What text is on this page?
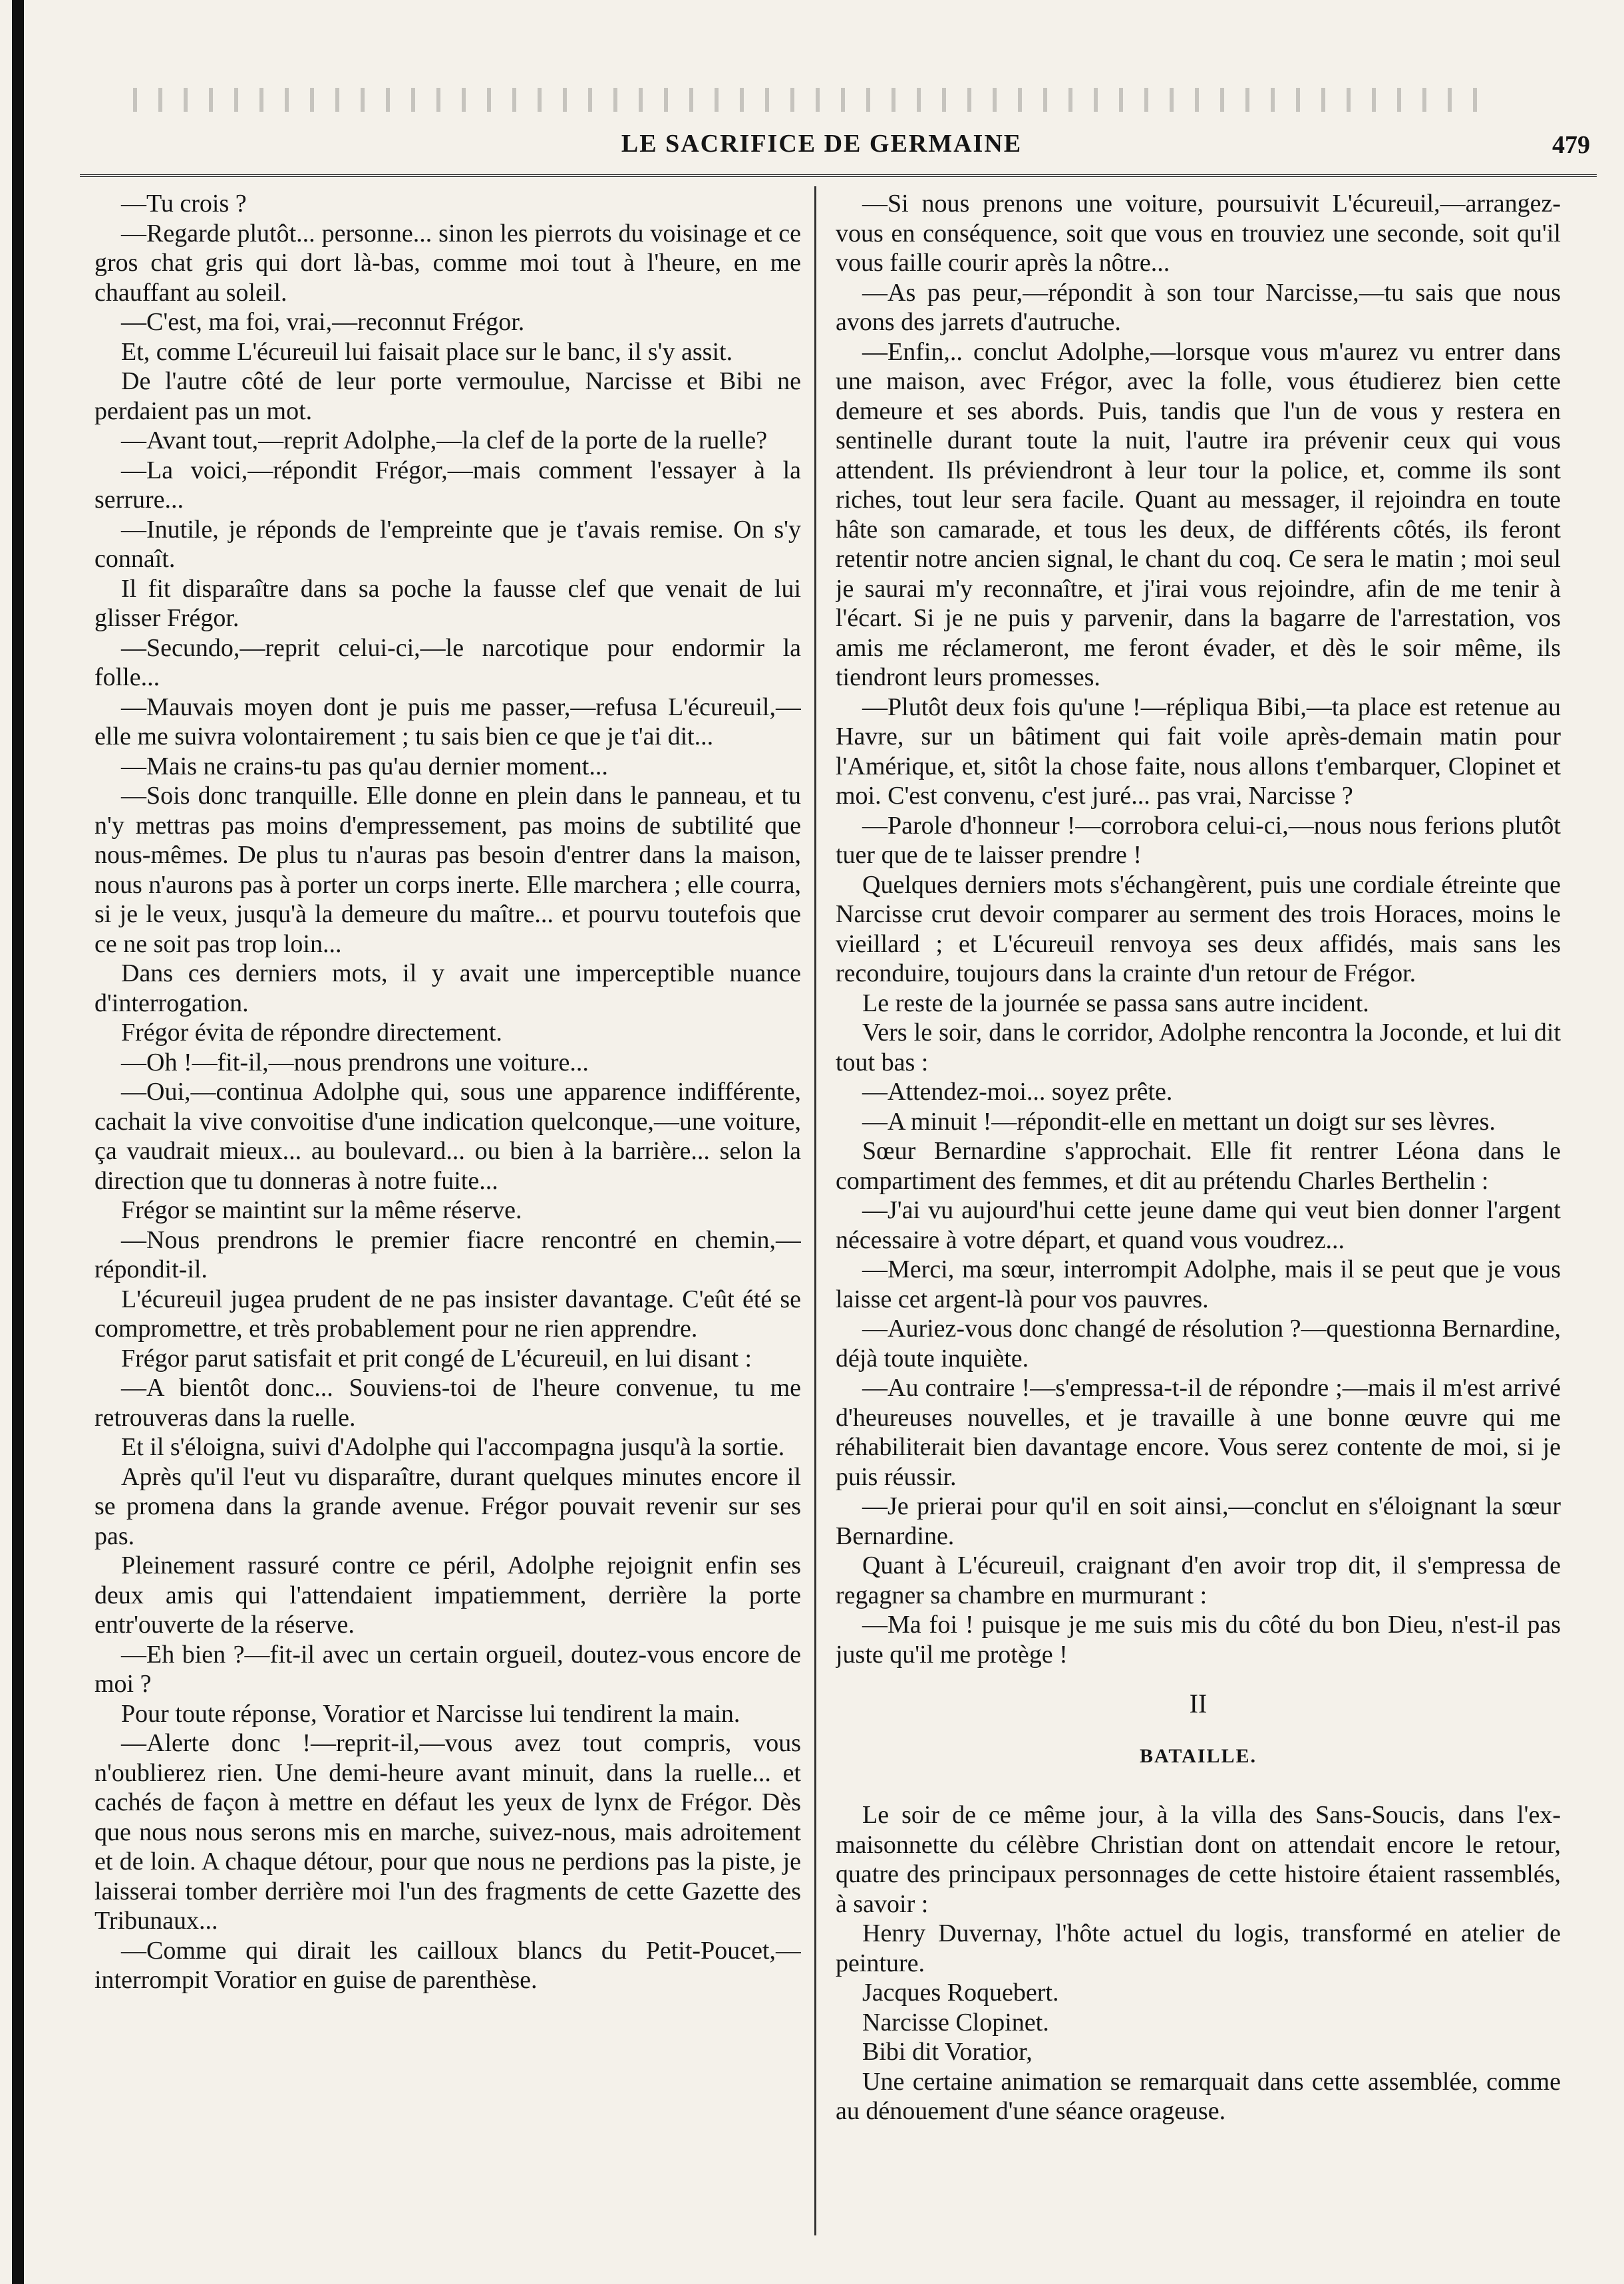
LE SACRIFICE DE GERMAINE	479

—Tu crois ?

—Regarde plutôt... personne... sinon les pierrots du voisinage et ce gros chat gris qui dort là-bas, comme moi tout à l'heure, en me chauffant au soleil.

—C'est, ma foi, vrai,—reconnut Frégor.

Et, comme L'écureuil lui faisait place sur le banc, il s'y assit.

De l'autre côté de leur porte vermoulue, Narcisse et Bibi ne perdaient pas un mot.

—Avant tout,—reprit Adolphe,—la clef de la porte de la ruelle?

—La voici,—répondit Frégor,—mais comment l'essayer à la serrure...

—Inutile, je réponds de l'empreinte que je t'avais remise. On s'y connaît.

Il fit disparaître dans sa poche la fausse clef que venait de lui glisser Frégor.

—Secundo,—reprit celui-ci,—le narcotique pour endormir la folle...

—Mauvais moyen dont je puis me passer,—refusa L'écureuil,—elle me suivra volontairement ; tu sais bien ce que je t'ai dit...

—Mais ne crains-tu pas qu'au dernier moment...

—Sois donc tranquille. Elle donne en plein dans le panneau, et tu n'y mettras pas moins d'empressement, pas moins de subtilité que nous-mêmes. De plus tu n'auras pas besoin d'entrer dans la maison, nous n'aurons pas à porter un corps inerte. Elle marchera ; elle courra, si je le veux, jusqu'à la demeure du maître... et pourvu toutefois que ce ne soit pas trop loin...

Dans ces derniers mots, il y avait une imperceptible nuance d'interrogation.

Frégor évita de répondre directement.

—Oh !—fit-il,—nous prendrons une voiture...

—Oui,—continua Adolphe qui, sous une apparence indifférente, cachait la vive convoitise d'une indication quelconque,—une voiture, ça vaudrait mieux... au boulevard... ou bien à la barrière... selon la direction que tu donneras à notre fuite...

Frégor se maintint sur la même réserve.

—Nous prendrons le premier fiacre rencontré en chemin,—répondit-il.

L'écureuil jugea prudent de ne pas insister davantage. C'eût été se compromettre, et très probablement pour ne rien apprendre.

Frégor parut satisfait et prit congé de L'écureuil, en lui disant :

—A bientôt donc... Souviens-toi de l'heure convenue, tu me retrouveras dans la ruelle.

Et il s'éloigna, suivi d'Adolphe qui l'accompagna jusqu'à la sortie.

Après qu'il l'eut vu disparaître, durant quelques minutes encore il se promena dans la grande avenue. Frégor pouvait revenir sur ses pas.

Pleinement rassuré contre ce péril, Adolphe rejoignit enfin ses deux amis qui l'attendaient impatiemment, derrière la porte entr'ouverte de la réserve.

—Eh bien ?—fit-il avec un certain orgueil, doutez-vous encore de moi ?

Pour toute réponse, Voratior et Narcisse lui tendirent la main.

—Alerte donc !—reprit-il,—vous avez tout compris, vous n'oublierez rien. Une demi-heure avant minuit, dans la ruelle... et cachés de façon à mettre en défaut les yeux de lynx de Frégor. Dès que nous nous serons mis en marche, suivez-nous, mais adroitement et de loin. A chaque détour, pour que nous ne perdions pas la piste, je laisserai tomber derrière moi l'un des fragments de cette Gazette des Tribunaux...

—Comme qui dirait les cailloux blancs du Petit-Poucet,—interrompit Voratior en guise de parenthèse.

—Si nous prenons une voiture, poursuivit L'écureuil,—arrangez-vous en conséquence, soit que vous en trouviez une seconde, soit qu'il vous faille courir après la nôtre...

—As pas peur,—répondit à son tour Narcisse,—tu sais que nous avons des jarrets d'autruche.

—Enfin,.. conclut Adolphe,—lorsque vous m'aurez vu entrer dans une maison, avec Frégor, avec la folle, vous étudierez bien cette demeure et ses abords. Puis, tandis que l'un de vous y restera en sentinelle durant toute la nuit, l'autre ira prévenir ceux qui vous attendent. Ils préviendront à leur tour la police, et, comme ils sont riches, tout leur sera facile. Quant au messager, il rejoindra en toute hâte son camarade, et tous les deux, de différents côtés, ils feront retentir notre ancien signal, le chant du coq. Ce sera le matin ; moi seul je saurai m'y reconnaître, et j'irai vous rejoindre, afin de me tenir à l'écart. Si je ne puis y parvenir, dans la bagarre de l'arrestation, vos amis me réclameront, me feront évader, et dès le soir même, ils tiendront leurs promesses.

—Plutôt deux fois qu'une !—répliqua Bibi,—ta place est retenue au Havre, sur un bâtiment qui fait voile après-demain matin pour l'Amérique, et, sitôt la chose faite, nous allons t'embarquer, Clopinet et moi. C'est convenu, c'est juré... pas vrai, Narcisse ?

—Parole d'honneur !—corrobora celui-ci,—nous nous ferions plutôt tuer que de te laisser prendre !

Quelques derniers mots s'échangèrent, puis une cordiale étreinte que Narcisse crut devoir comparer au serment des trois Horaces, moins le vieillard ; et L'écureuil renvoya ses deux affidés, mais sans les reconduire, toujours dans la crainte d'un retour de Frégor.

Le reste de la journée se passa sans autre incident.

Vers le soir, dans le corridor, Adolphe rencontra la Joconde, et lui dit tout bas :

—Attendez-moi... soyez prête.

—A minuit !—répondit-elle en mettant un doigt sur ses lèvres.

Sœur Bernardine s'approchait. Elle fit rentrer Léona dans le compartiment des femmes, et dit au prétendu Charles Berthelin :

—J'ai vu aujourd'hui cette jeune dame qui veut bien donner l'argent nécessaire à votre départ, et quand vous voudrez...

—Merci, ma sœur, interrompit Adolphe, mais il se peut que je vous laisse cet argent-là pour vos pauvres.

—Auriez-vous donc changé de résolution ?—questionna Bernardine, déjà toute inquiète.

—Au contraire !—s'empressa-t-il de répondre ;—mais il m'est arrivé d'heureuses nouvelles, et je travaille à une bonne œuvre qui me réhabiliterait bien davantage encore. Vous serez contente de moi, si je puis réussir.

—Je prierai pour qu'il en soit ainsi,—conclut en s'éloignant la sœur Bernardine.

Quant à L'écureuil, craignant d'en avoir trop dit, il s'empressa de regagner sa chambre en murmurant :

—Ma foi ! puisque je me suis mis du côté du bon Dieu, n'est-il pas juste qu'il me protège !

II
BATAILLE.

Le soir de ce même jour, à la villa des Sans-Soucis, dans l'ex-maisonnette du célèbre Christian dont on attendait encore le retour, quatre des principaux personnages de cette histoire étaient rassemblés, à savoir :

Henry Duvernay, l'hôte actuel du logis, transformé en atelier de peinture.

Jacques Roquebert.

Narcisse Clopinet.

Bibi dit Voratior,

Une certaine animation se remarquait dans cette assemblée, comme au dénouement d'une séance orageuse.
